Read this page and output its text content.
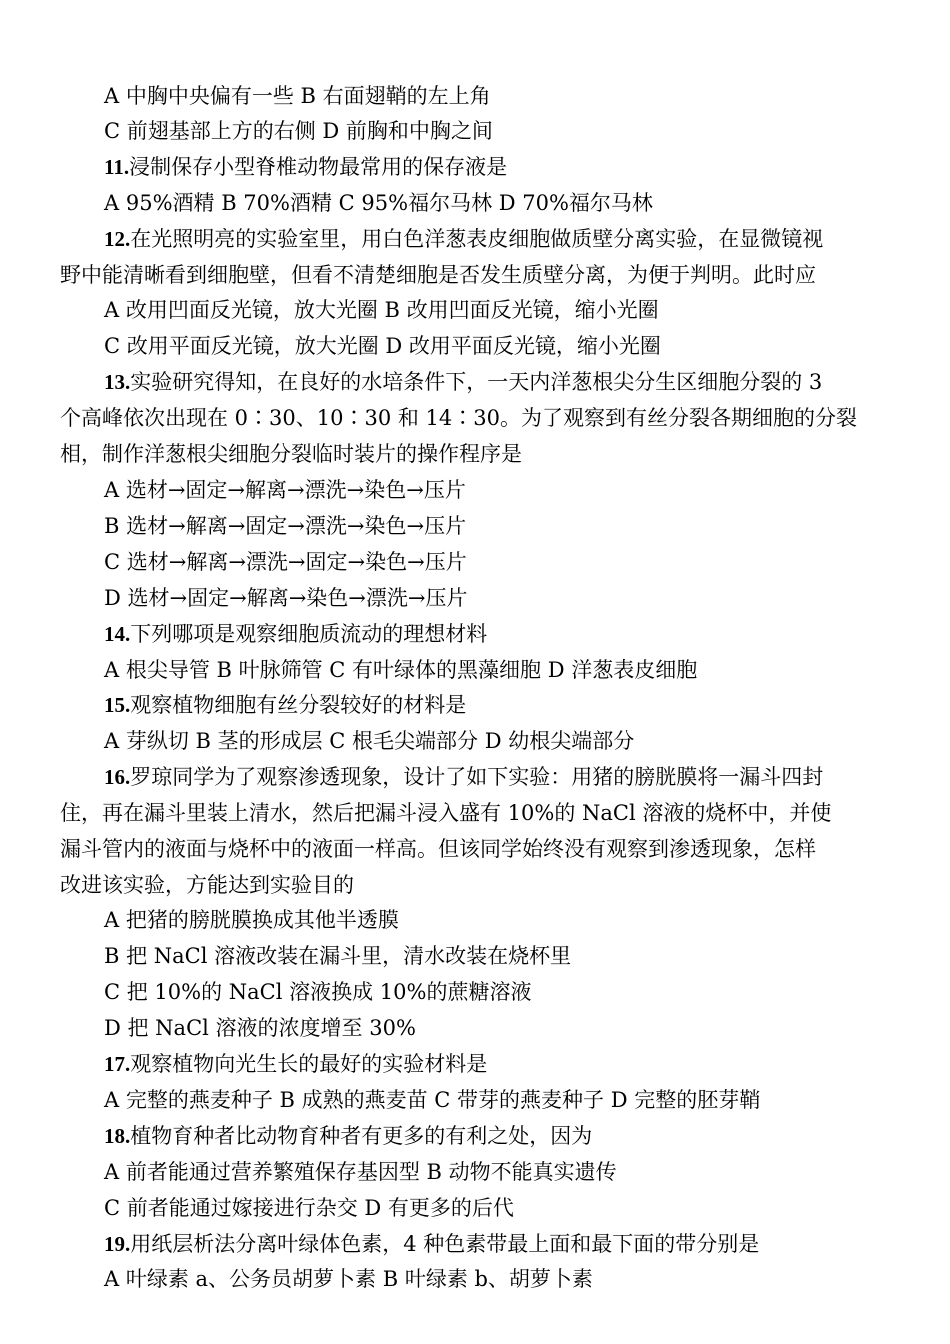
A 中胸中央偏有一些 B 右面翅鞘的左上角
C 前翅基部上方的右侧 D 前胸和中胸之间
11.浸制保存小型脊椎动物最常用的保存液是
A 95%酒精 B 70%酒精 C 95%福尔马林 D 70%福尔马林
12.在光照明亮的实验室里，用白色洋葱表皮细胞做质壁分离实验，在显微镜视
野中能清晰看到细胞壁，但看不清楚细胞是否发生质壁分离，为便于判明。此时应
A 改用凹面反光镜，放大光圈 B 改用凹面反光镜，缩小光圈
C 改用平面反光镜，放大光圈 D 改用平面反光镜，缩小光圈
13.实验研究得知，在良好的水培条件下，一天内洋葱根尖分生区细胞分裂的 3
个高峰依次出现在 0∶30、10∶30 和 14∶30。为了观察到有丝分裂各期细胞的分裂
相，制作洋葱根尖细胞分裂临时装片的操作程序是
A 选材→固定→解离→漂洗→染色→压片
B 选材→解离→固定→漂洗→染色→压片
C 选材→解离→漂洗→固定→染色→压片
D 选材→固定→解离→染色→漂洗→压片
14.下列哪项是观察细胞质流动的理想材料
A 根尖导管 B 叶脉筛管 C 有叶绿体的黑藻细胞 D 洋葱表皮细胞
15.观察植物细胞有丝分裂较好的材料是
A 芽纵切 B 茎的形成层 C 根毛尖端部分 D 幼根尖端部分
16.罗琼同学为了观察渗透现象，设计了如下实验：用猪的膀胱膜将一漏斗四封
住，再在漏斗里装上清水，然后把漏斗浸入盛有 10%的 NaCl 溶液的烧杯中，并使
漏斗管内的液面与烧杯中的液面一样高。但该同学始终没有观察到渗透现象，怎样
改进该实验，方能达到实验目的
A 把猪的膀胱膜换成其他半透膜
B 把 NaCl 溶液改装在漏斗里，清水改装在烧杯里
C 把 10%的 NaCl 溶液换成 10%的蔗糖溶液
D 把 NaCl 溶液的浓度增至 30%
17.观察植物向光生长的最好的实验材料是
A 完整的燕麦种子 B 成熟的燕麦苗 C 带芽的燕麦种子 D 完整的胚芽鞘
18.植物育种者比动物育种者有更多的有利之处，因为
A 前者能通过营养繁殖保存基因型 B 动物不能真实遗传
C 前者能通过嫁接进行杂交 D 有更多的后代
19.用纸层析法分离叶绿体色素，4 种色素带最上面和最下面的带分别是
A 叶绿素 a、公务员胡萝卜素 B 叶绿素 b、胡萝卜素
